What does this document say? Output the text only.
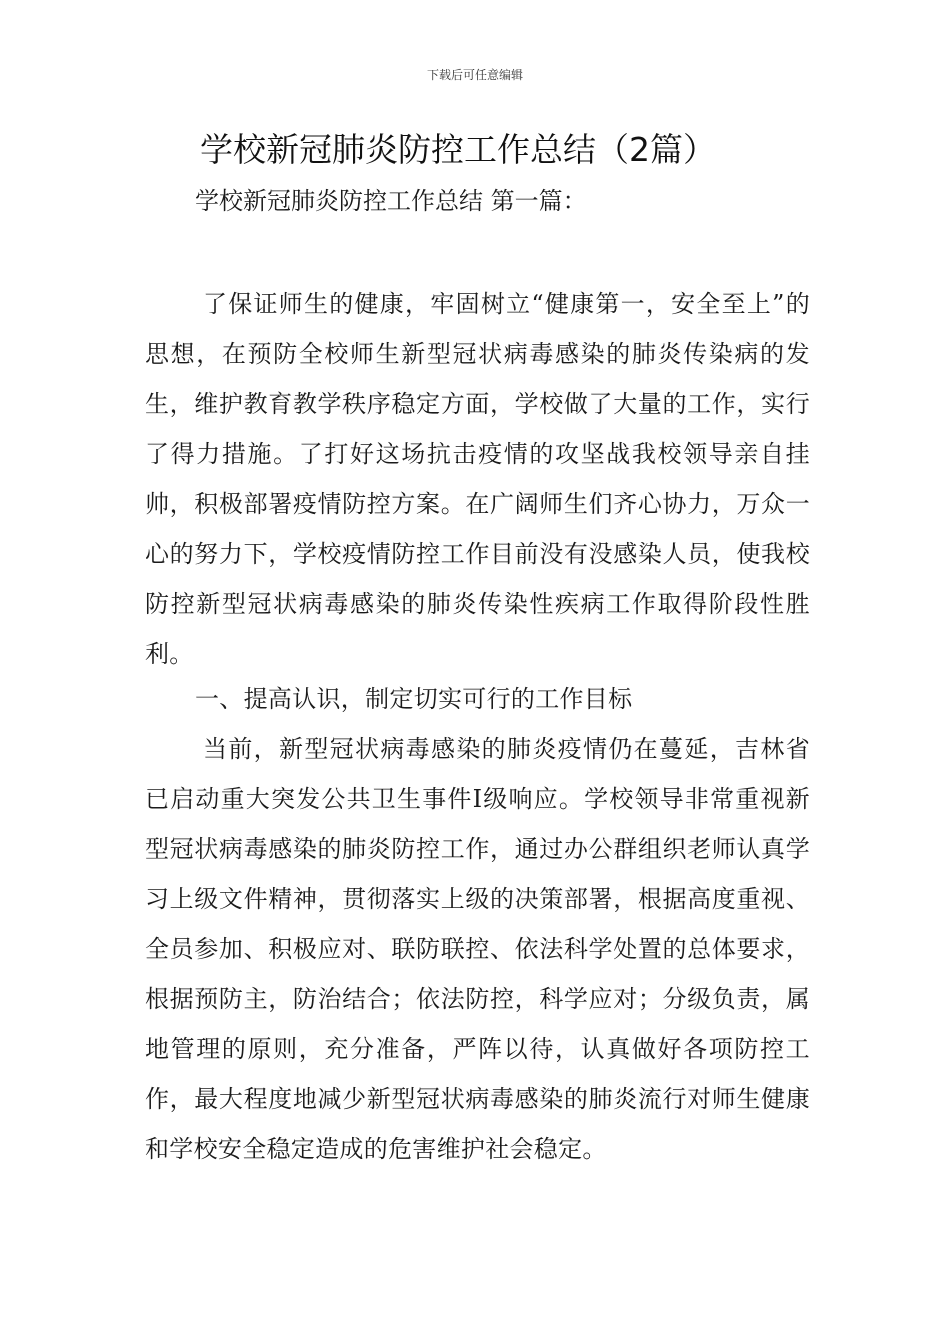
下载后可任意编辑
学校新冠肺炎防控工作总结（2篇）
学校新冠肺炎防控工作总结 第一篇：
了保证师生的健康，牢固树立“健康第一，安全至上”的思想，在预防全校师生新型冠状病毒感染的肺炎传染病的发生，维护教育教学秩序稳定方面，学校做了大量的工作，实行了得力措施。了打好这场抗击疫情的攻坚战我校领导亲自挂帅，积极部署疫情防控方案。在广阔师生们齐心协力，万众一心的努力下，学校疫情防控工作目前没有没感染人员，使我校防控新型冠状病毒感染的肺炎传染性疾病工作取得阶段性胜利。
一、提高认识，制定切实可行的工作目标
当前，新型冠状病毒感染的肺炎疫情仍在蔓延，吉林省已启动重大突发公共卫生事件Ⅰ级响应。学校领导非常重视新型冠状病毒感染的肺炎防控工作，通过办公群组织老师认真学习上级文件精神，贯彻落实上级的决策部署，根据高度重视、全员参加、积极应对、联防联控、依法科学处置的总体要求，根据预防主，防治结合；依法防控，科学应对；分级负责，属地管理的原则，充分准备，严阵以待，认真做好各项防控工作，最大程度地减少新型冠状病毒感染的肺炎流行对师生健康和学校安全稳定造成的危害维护社会稳定。
